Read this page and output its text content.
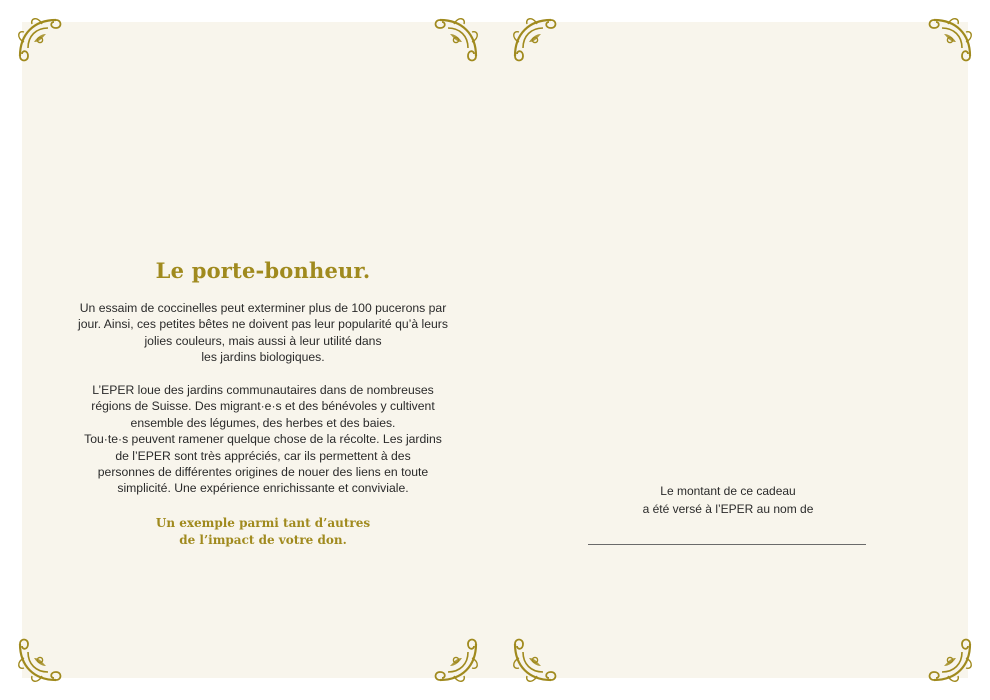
Le porte-bonheur.
Un essaim de coccinelles peut exterminer plus de 100 pucerons par
jour. Ainsi, ces petites bêtes ne doivent pas leur popularité qu’à leurs
jolies couleurs, mais aussi à leur utilité dans
les jardins biologiques.
L’EPER loue des jardins communautaires dans de nombreuses
régions de Suisse. Des migrant·e·s et des bénévoles y cultivent
ensemble des légumes, des herbes et des baies.
Tou·te·s peuvent ramener quelque chose de la récolte. Les jardins
de l’EPER sont très appréciés, car ils permettent à des
personnes de différentes origines de nouer des liens en toute
simplicité. Une expérience enrichissante et conviviale.
Un exemple parmi tant d’autres
de l’impact de votre don.
Le montant de ce cadeau
a été versé à l’EPER au nom de
